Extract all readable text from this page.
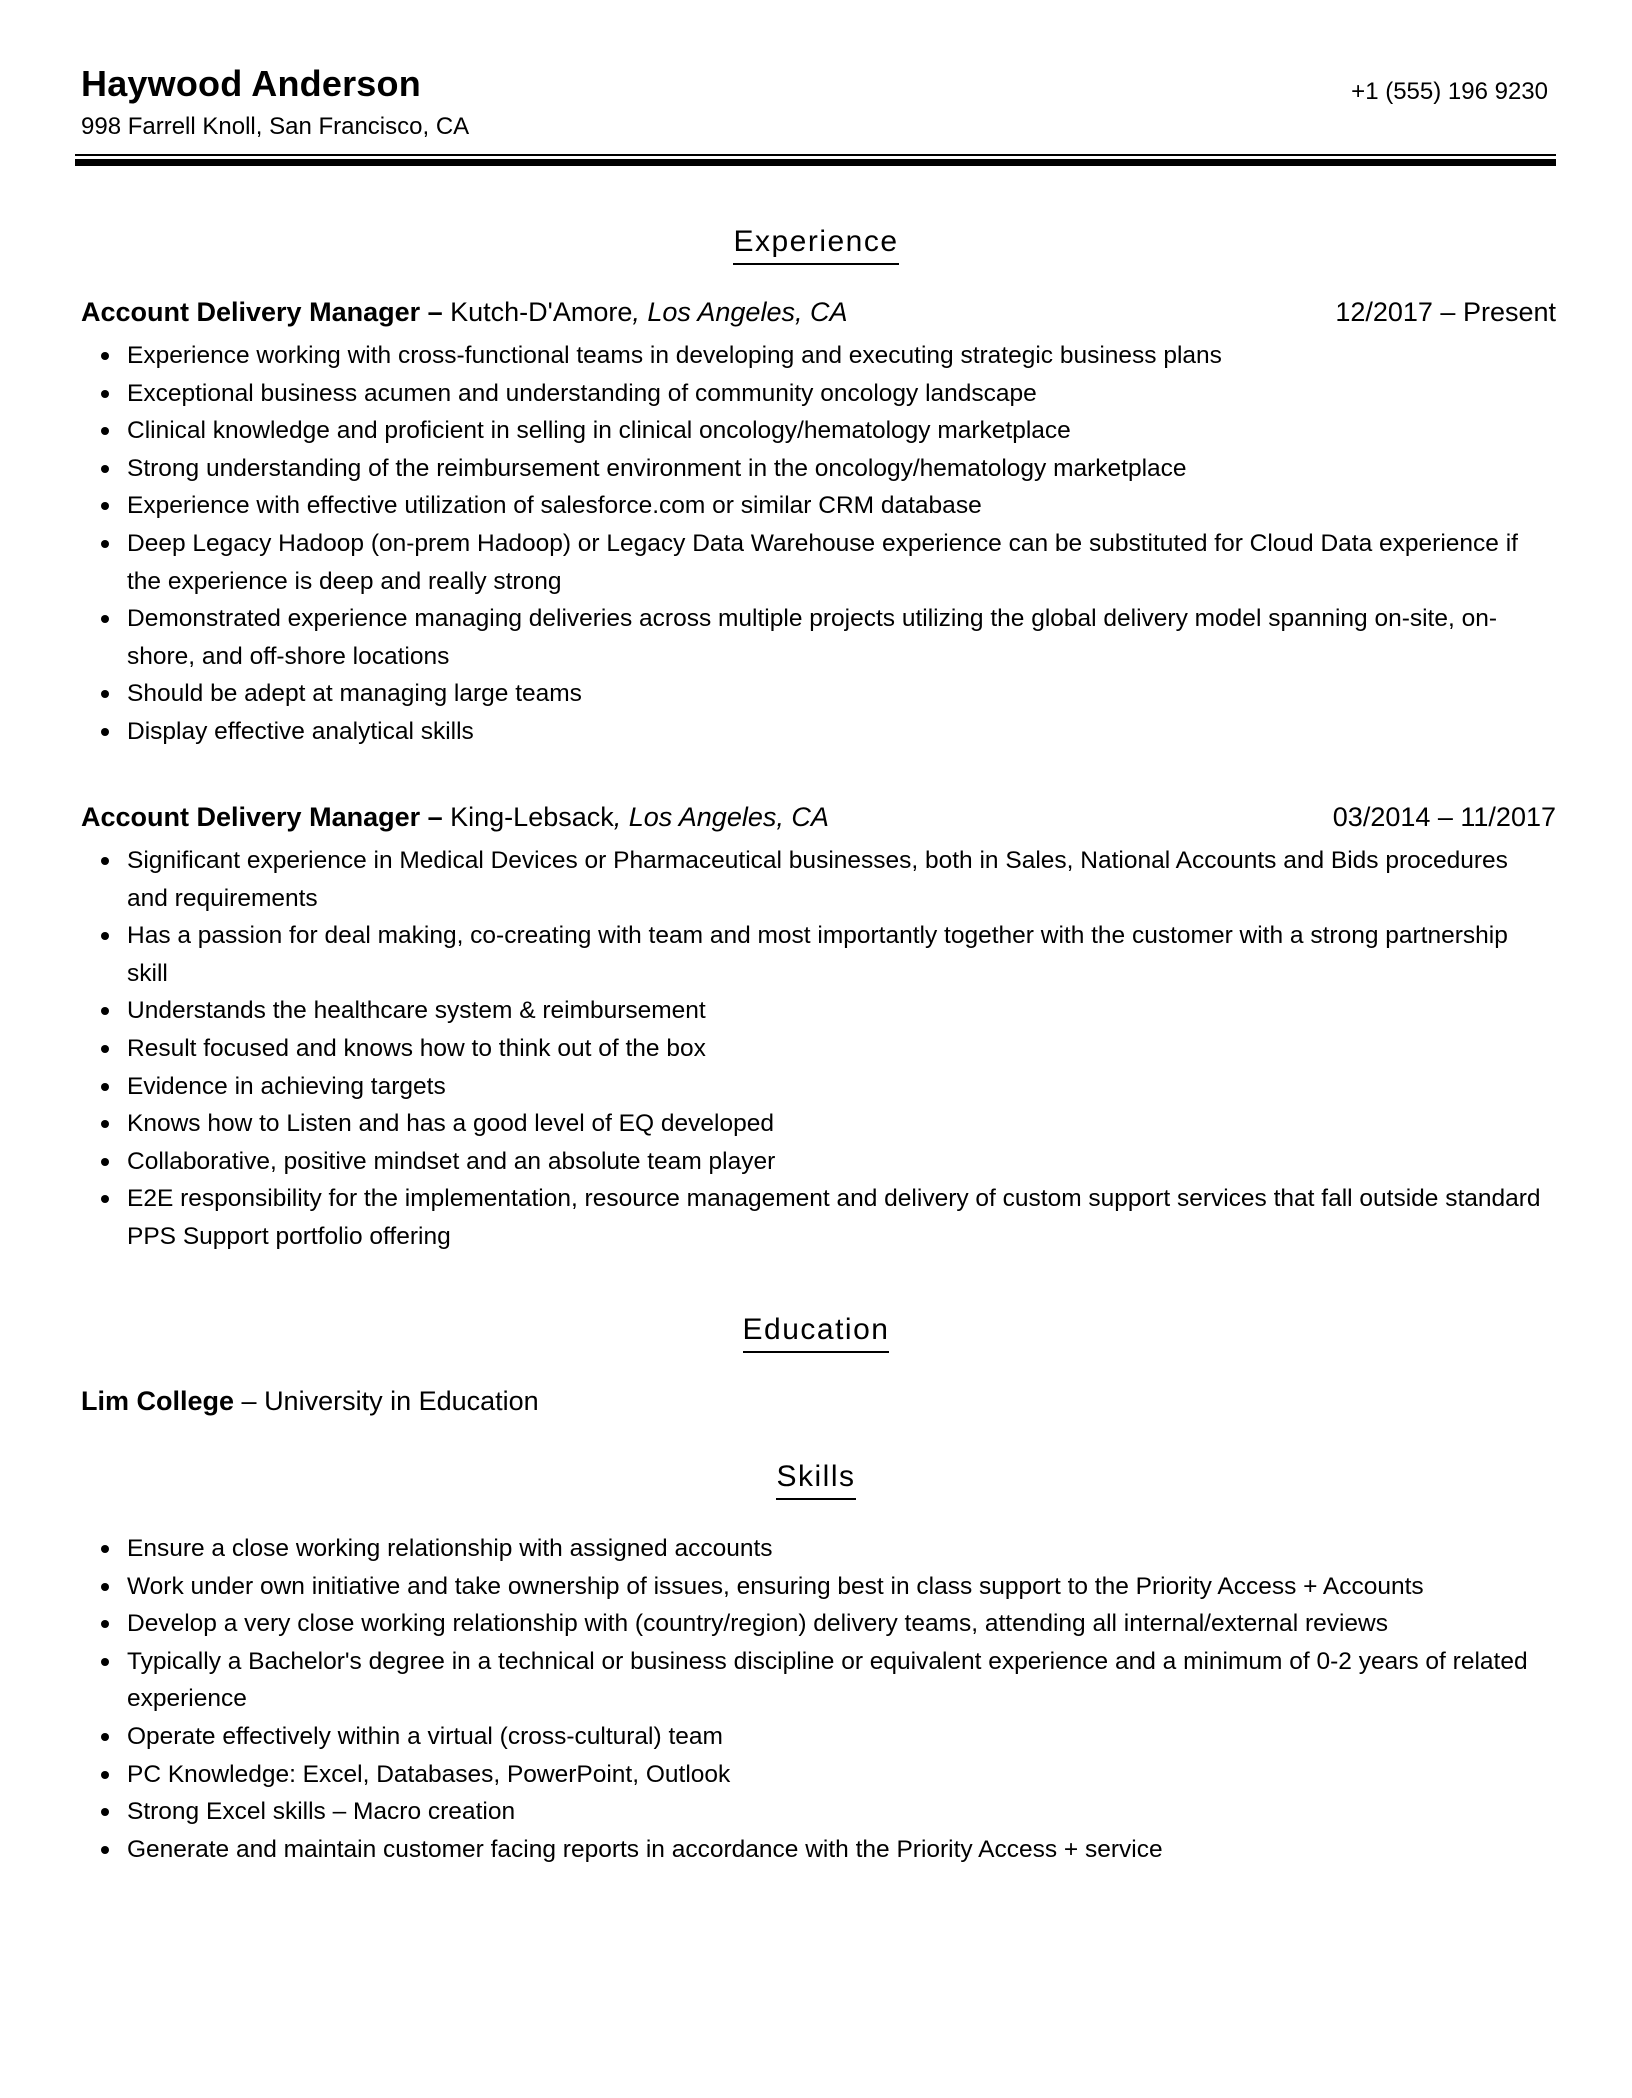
Haywood Anderson
998 Farrell Knoll, San Francisco, CA
+1 (555) 196 9230
Experience
Account Delivery Manager – Kutch-D'Amore, Los Angeles, CA	12/2017 – Present
Experience working with cross-functional teams in developing and executing strategic business plans
Exceptional business acumen and understanding of community oncology landscape
Clinical knowledge and proficient in selling in clinical oncology/hematology marketplace
Strong understanding of the reimbursement environment in the oncology/hematology marketplace
Experience with effective utilization of salesforce.com or similar CRM database
Deep Legacy Hadoop (on-prem Hadoop) or Legacy Data Warehouse experience can be substituted for Cloud Data experience if the experience is deep and really strong
Demonstrated experience managing deliveries across multiple projects utilizing the global delivery model spanning on-site, on-shore, and off-shore locations
Should be adept at managing large teams
Display effective analytical skills
Account Delivery Manager – King-Lebsack, Los Angeles, CA	03/2014 – 11/2017
Significant experience in Medical Devices or Pharmaceutical businesses, both in Sales, National Accounts and Bids procedures and requirements
Has a passion for deal making, co-creating with team and most importantly together with the customer with a strong partnership skill
Understands the healthcare system & reimbursement
Result focused and knows how to think out of the box
Evidence in achieving targets
Knows how to Listen and has a good level of EQ developed
Collaborative, positive mindset and an absolute team player
E2E responsibility for the implementation, resource management and delivery of custom support services that fall outside standard PPS Support portfolio offering
Education
Lim College – University in Education
Skills
Ensure a close working relationship with assigned accounts
Work under own initiative and take ownership of issues, ensuring best in class support to the Priority Access + Accounts
Develop a very close working relationship with (country/region) delivery teams, attending all internal/external reviews
Typically a Bachelor's degree in a technical or business discipline or equivalent experience and a minimum of 0-2 years of related experience
Operate effectively within a virtual (cross-cultural) team
PC Knowledge: Excel, Databases, PowerPoint, Outlook
Strong Excel skills – Macro creation
Generate and maintain customer facing reports in accordance with the Priority Access + service
